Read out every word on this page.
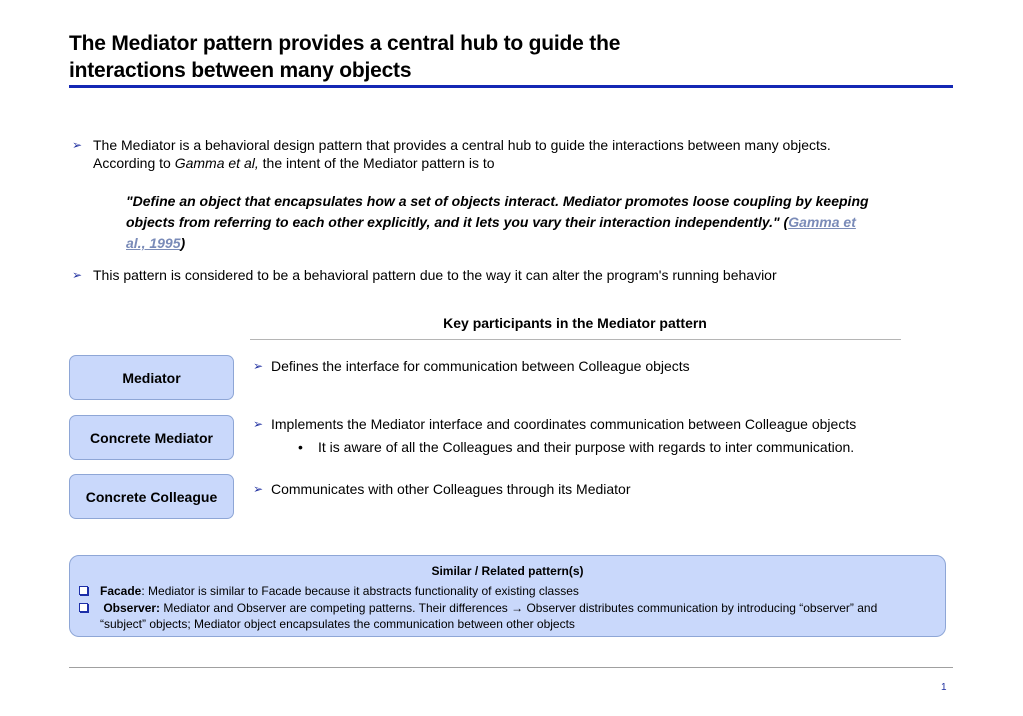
The Mediator pattern provides a central hub to guide the
interactions between many objects
➢ The Mediator is a behavioral design pattern that provides a central hub to guide the interactions between many objects.
According to Gamma et al, the intent of the Mediator pattern is to
"Define an object that encapsulates how a set of objects interact. Mediator promotes loose coupling by keeping
objects from referring to each other explicitly, and it lets you vary their interaction independently." (Gamma et
al., 1995)
➢ This pattern is considered to be a behavioral pattern due to the way it can alter the program's running behavior
Key participants in the Mediator pattern
Mediator
➢ Defines the interface for communication between Colleague objects
Concrete Mediator
➢ Implements the Mediator interface and coordinates communication between Colleague objects
• It is aware of all the Colleagues and their purpose with regards to inter communication.
Concrete Colleague	➢ Communicates with other Colleagues through its Mediator
Similar / Related pattern(s)
Facade: Mediator is similar to Facade because it abstracts functionality of existing classes
Observer: Mediator and Observer are competing patterns. Their differences → Observer distributes communication by introducing “observer” and
“subject” objects; Mediator object encapsulates the communication between other objects
1
